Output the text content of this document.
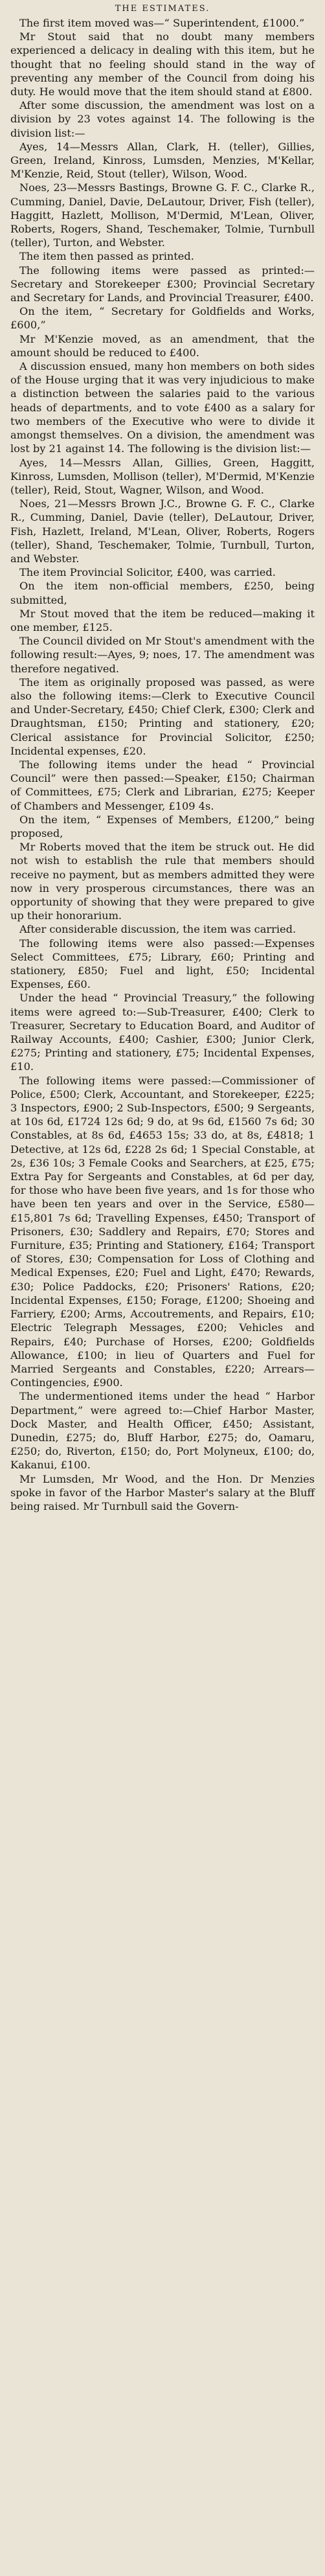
THE ESTIMATES.

The first item moved was—“ Superintendent, £1000.”

Mr Stout said that no doubt many members experienced a delicacy in dealing with this item, but he thought that no feeling should stand in the way of preventing any member of the Council from doing his duty. He would move that the item should stand at £800.

After some discussion, the amendment was lost on a division by 23 votes against 14. The following is the division list:—

Ayes, 14—Messrs Allan, Clark, H. (teller), Gillies, Green, Ireland, Kinross, Lumsden, Menzies, M'Kellar, M'Kenzie, Reid, Stout (teller), Wilson, Wood.

Noes, 23—Messrs Bastings, Browne G. F. C., Clarke R., Cumming, Daniel, Davie, DeLautour, Driver, Fish (teller), Haggitt, Hazlett, Mollison, M'Dermid, M'Lean, Oliver, Roberts, Rogers, Shand, Teschemaker, Tolmie, Turnbull (teller), Turton, and Webster.

The item then passed as printed.

The following items were passed as printed:—Secretary and Storekeeper £300; Provincial Secretary and Secretary for Lands, and Provincial Treasurer, £400.

On the item, “ Secretary for Goldfields and Works, £600,”

Mr M'Kenzie moved, as an amendment, that the amount should be reduced to £400.

A discussion ensued, many hon members on both sides of the House urging that it was very injudicious to make a distinction between the salaries paid to the various heads of departments, and to vote £400 as a salary for two members of the Executive who were to divide it amongst themselves. On a division, the amendment was lost by 21 against 14. The following is the division list:—

Ayes, 14—Messrs Allan, Gillies, Green, Haggitt, Kinross, Lumsden, Mollison (teller), M'Dermid, M'Kenzie (teller), Reid, Stout, Wagner, Wilson, and Wood.

Noes, 21—Messrs Brown J.C., Browne G. F. C., Clarke R., Cumming, Daniel, Davie (teller), DeLautour, Driver, Fish, Hazlett, Ireland, M'Lean, Oliver, Roberts, Rogers (teller), Shand, Teschemaker, Tolmie, Turnbull, Turton, and Webster.

The item Provincial Solicitor, £400, was carried.

On the item non-official members, £250, being submitted,

Mr Stout moved that the item be reduced—making it one member, £125.

The Council divided on Mr Stout's amendment with the following result:—Ayes, 9; noes, 17. The amendment was therefore negatived.

The item as originally proposed was passed, as were also the following items:—Clerk to Executive Council and Under-Secretary, £450; Chief Clerk, £300; Clerk and Draughtsman, £150; Printing and stationery, £20; Clerical assistance for Provincial Solicitor, £250; Incidental expenses, £20.

The following items under the head “ Provincial Council” were then passed:—Speaker, £150; Chairman of Committees, £75; Clerk and Librarian, £275; Keeper of Chambers and Messenger, £109 4s.

On the item, “ Expenses of Members, £1200,” being proposed,

Mr Roberts moved that the item be struck out. He did not wish to establish the rule that members should receive no payment, but as members admitted they were now in very prosperous circumstances, there was an opportunity of showing that they were prepared to give up their honorarium.

After considerable discussion, the item was carried.

The following items were also passed:—Expenses Select Committees, £75; Library, £60; Printing and stationery, £850; Fuel and light, £50; Incidental Expenses, £60.

Under the head “ Provincial Treasury,” the following items were agreed to:—Sub-Treasurer, £400; Clerk to Treasurer, Secretary to Education Board, and Auditor of Railway Accounts, £400; Cashier, £300; Junior Clerk, £275; Printing and stationery, £75; Incidental Expenses, £10.

The following items were passed:—Commissioner of Police, £500; Clerk, Accountant, and Storekeeper, £225; 3 Inspectors, £900; 2 Sub-Inspectors, £500; 9 Sergeants, at 10s 6d, £1724 12s 6d; 9 do, at 9s 6d, £1560 7s 6d; 30 Constables, at 8s 6d, £4653 15s; 33 do, at 8s, £4818; 1 Detective, at 12s 6d, £228 2s 6d; 1 Special Constable, at 2s, £36 10s; 3 Female Cooks and Searchers, at £25, £75; Extra Pay for Sergeants and Constables, at 6d per day, for those who have been five years, and 1s for those who have been ten years and over in the Service, £580—£15,801 7s 6d; Travelling Expenses, £450; Transport of Prisoners, £30; Saddlery and Repairs, £70; Stores and Furniture, £35; Printing and Stationery, £164; Transport of Stores, £30; Compensation for Loss of Clothing and Medical Expenses, £20; Fuel and Light, £470; Rewards, £30; Police Paddocks, £20; Prisoners' Rations, £20; Incidental Expenses, £150; Forage, £1200; Shoeing and Farriery, £200; Arms, Accoutrements, and Repairs, £10; Electric Telegraph Messages, £200; Vehicles and Repairs, £40; Purchase of Horses, £200; Goldfields Allowance, £100; in lieu of Quarters and Fuel for Married Sergeants and Constables, £220; Arrears—Contingencies, £900.

The undermentioned items under the head “ Harbor Department,” were agreed to:—Chief Harbor Master, Dock Master, and Health Officer, £450; Assistant, Dunedin, £275; do, Bluff Harbor, £275; do, Oamaru, £250; do, Riverton, £150; do, Port Molyneux, £100; do, Kakanui, £100.

Mr Lumsden, Mr Wood, and the Hon. Dr Menzies spoke in favor of the Harbor Master's salary at the Bluff being raised. Mr Turnbull said the Govern-
